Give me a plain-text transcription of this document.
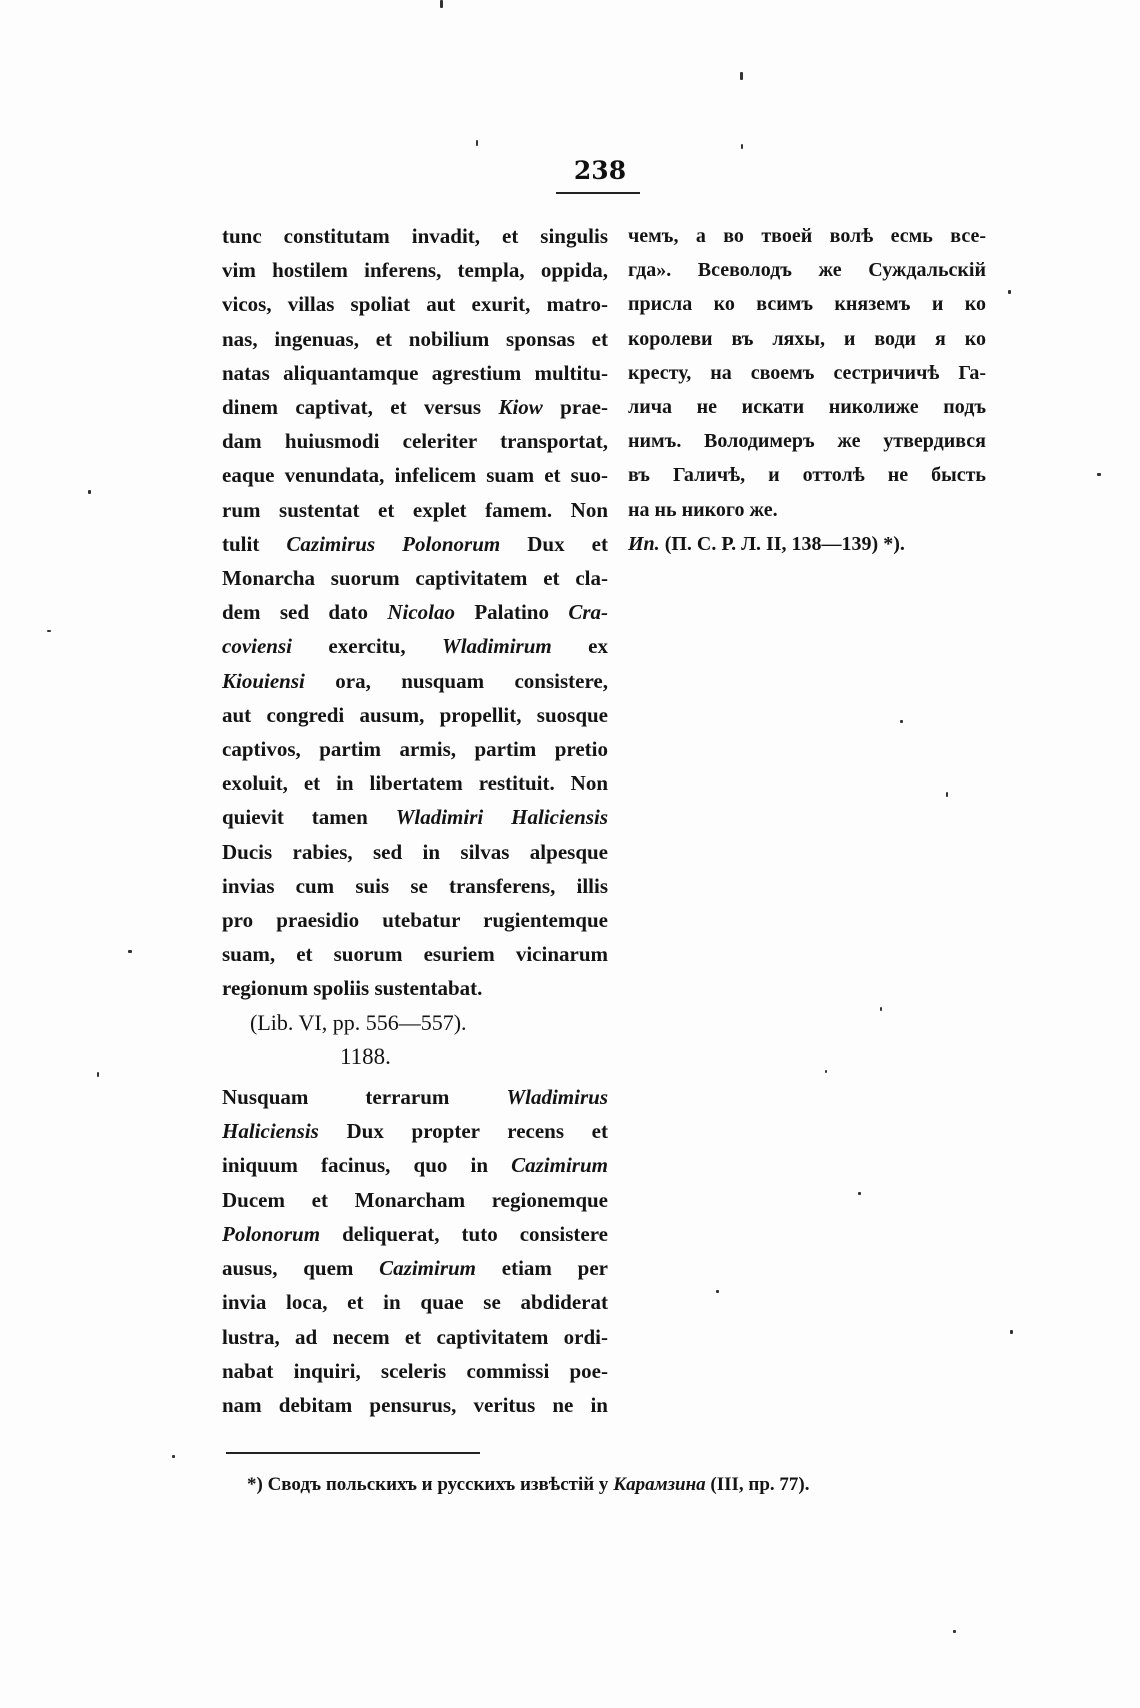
238
tunc constitutam invadit, et singulis
vim hostilem inferens, templa, oppida,
vicos, villas spoliat aut exurit, matro-
nas, ingenuas, et nobilium sponsas et
natas aliquantamque agrestium multitu-
dinem captivat, et versus Kiow prae-
dam huiusmodi celeriter transportat,
eaque venundata, infelicem suam et suo-
rum sustentat et explet famem. Non
tulit Cazimirus Polonorum Dux et
Monarcha suorum captivitatem et cla-
dem sed dato Nicolao Palatino Cra-
coviensi exercitu, Wladimirum ex
Kiouiensi ora, nusquam consistere,
aut congredi ausum, propellit, suosque
captivos, partim armis, partim pretio
exoluit, et in libertatem restituit. Non
quievit tamen Wladimiri Haliciensis
Ducis rabies, sed in silvas alpesque
invias cum suis se transferens, illis
pro praesidio utebatur rugientemque
suam, et suorum esuriem vicinarum
regionum spoliis sustentabat.
(Lib. VI, pp. 556—557).
1188.
Nusquam terrarum Wladimirus
Haliciensis Dux propter recens et
iniquum facinus, quo in Cazimirum
Ducem et Monarcham regionemque
Polonorum deliquerat, tuto consistere
ausus, quem Cazimirum etiam per
invia loca, et in quae se abdiderat
lustra, ad necem et captivitatem ordi-
nabat inquiri, sceleris commissi poe-
nam debitam pensurus, veritus ne in
чемъ, а во твоей волѣ есмь все-
гда». Всеволодъ же Суждальскій
присла ко всимъ княземъ и ко
королеви въ ляхы, и води я ко
кресту, на своемъ сестричичѣ Га-
лича не искати николиже подъ
нимъ. Володимеръ же утвердився
въ Галичѣ, и оттолѣ не бысть
на нь никого же.
Ип. (П. С. Р. Л. II, 138—139) *).
*) Сводъ польскихъ и русскихъ извѣстій у Карамзина (III, пр. 77).
